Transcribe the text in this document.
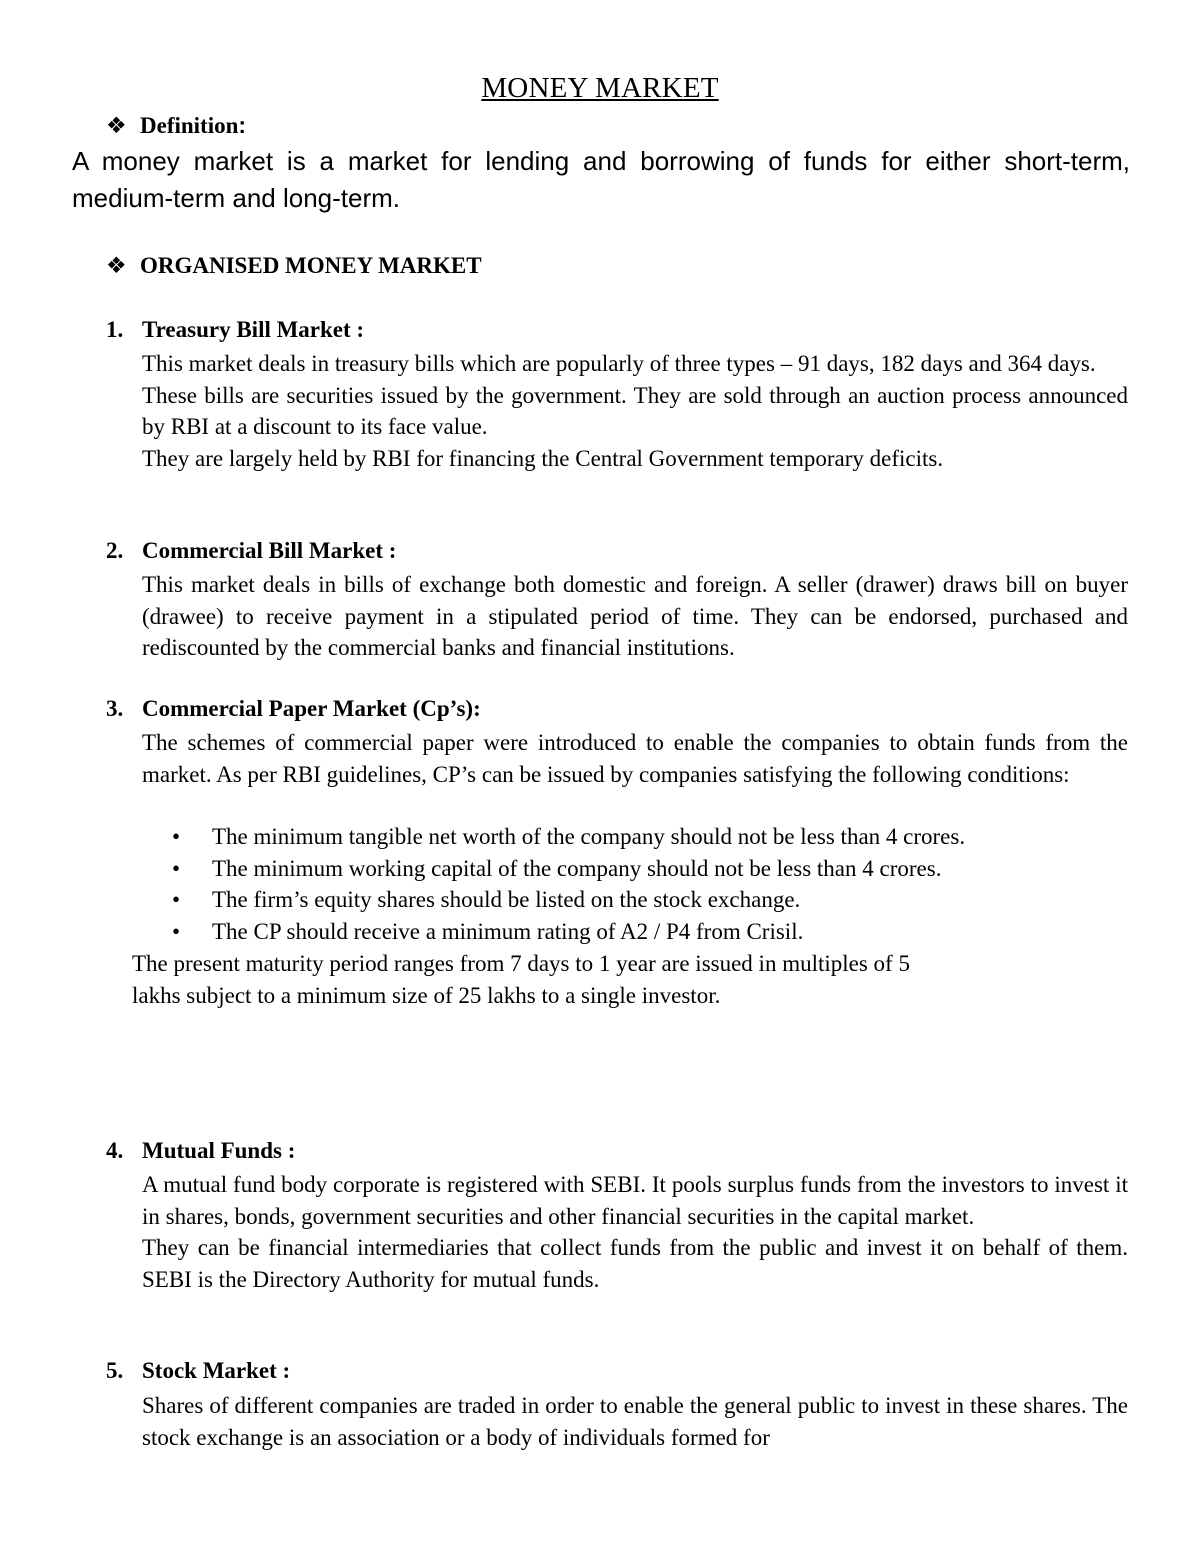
MONEY MARKET
❖ Definition:
A money market is a market for lending and borrowing of funds for either short-term, medium-term and long-term.
❖ ORGANISED MONEY MARKET
1. Treasury Bill Market :

This market deals in treasury bills which are popularly of three types – 91 days, 182 days and 364 days.

These bills are securities issued by the government. They are sold through an auction process announced by RBI at a discount to its face value.

They are largely held by RBI for financing the Central Government temporary deficits.

2. Commercial Bill Market :

This market deals in bills of exchange both domestic and foreign. A seller (drawer) draws bill on buyer (drawee) to receive payment in a stipulated period of time. They can be endorsed, purchased and rediscounted by the commercial banks and financial institutions.

3. Commercial Paper Market (Cp’s):

The schemes of commercial paper were introduced to enable the companies to obtain funds from the market. As per RBI guidelines, CP’s can be issued by companies satisfying the following conditions:

• The minimum tangible net worth of the company should not be less than 4 crores.
• The minimum working capital of the company should not be less than 4 crores.
• The firm’s equity shares should be listed on the stock exchange.
• The CP should receive a minimum rating of A2 / P4 from Crisil.
The present maturity period ranges from 7 days to 1 year are issued in multiples of 5 lakhs subject to a minimum size of 25 lakhs to a single investor.
4. Mutual Funds :

A mutual fund body corporate is registered with SEBI. It pools surplus funds from the investors to invest it in shares, bonds, government securities and other financial securities in the capital market.

They can be financial intermediaries that collect funds from the public and invest it on behalf of them. SEBI is the Directory Authority for mutual funds.

5. Stock Market :

Shares of different companies are traded in order to enable the general public to invest in these shares. The stock exchange is an association or a body of individuals formed for
